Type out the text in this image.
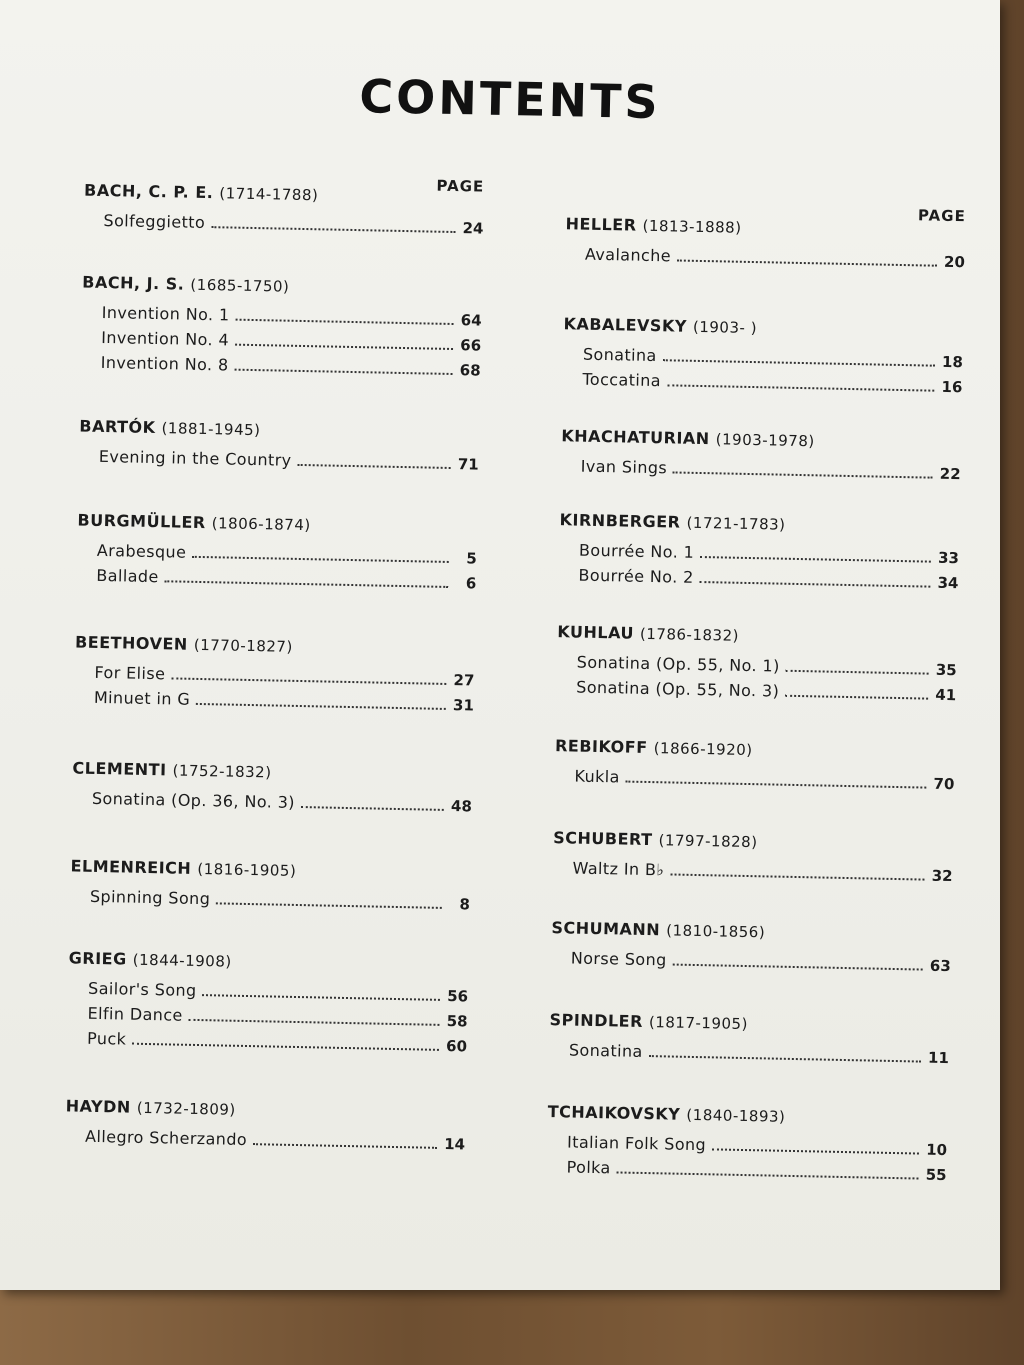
CONTENTS
PAGE
BACH, C. P. E. (1714-1788)
Solfeggietto	24
BACH, J. S. (1685-1750)
Invention No. 1	64
Invention No. 4	66
Invention No. 8	68
BARTÓK (1881-1945)
Evening in the Country	71
BURGMÜLLER (1806-1874)
Arabesque	5
Ballade	6
BEETHOVEN (1770-1827)
For Elise	27
Minuet in G	31
CLEMENTI (1752-1832)
Sonatina (Op. 36, No. 3)	48
ELMENREICH (1816-1905)
Spinning Song	8
GRIEG (1844-1908)
Sailor's Song	56
Elfin Dance	58
Puck	60
HAYDN (1732-1809)
Allegro Scherzando	14
PAGE
HELLER (1813-1888)
Avalanche	20
KABALEVSKY (1903- )
Sonatina	18
Toccatina	16
KHACHATURIAN (1903-1978)
Ivan Sings	22
KIRNBERGER (1721-1783)
Bourrée No. 1	33
Bourrée No. 2	34
KUHLAU (1786-1832)
Sonatina (Op. 55, No. 1)	35
Sonatina (Op. 55, No. 3)	41
REBIKOFF (1866-1920)
Kukla	70
SCHUBERT (1797-1828)
Waltz In B♭	32
SCHUMANN (1810-1856)
Norse Song	63
SPINDLER (1817-1905)
Sonatina	11
TCHAIKOVSKY (1840-1893)
Italian Folk Song	10
Polka	55
